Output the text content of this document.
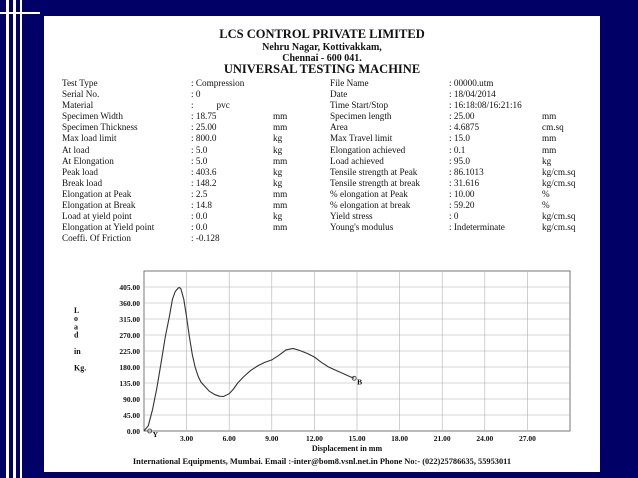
LCS CONTROL PRIVATE LIMITED
Nehru Nagar, Kottivakkam,
Chennai - 600 041.
UNIVERSAL TESTING MACHINE
Test Type	: Compression	File Name	: 00000.utm
Serial No.	: 0	Date	: 18/04/2014
Material	:          pvc	Time Start/Stop	: 16:18:08/16:21:16
Specimen Width	: 18.75	mm	Specimen length	: 25.00	mm
Specimen Thickness	: 25.00	mm	Area	: 4.6875	cm.sq
Max load limit	: 800.0	kg	Max Travel limit	: 15.0	mm
At load	: 5.0	kg	Elongation achieved	: 0.1	mm
At Elongation	: 5.0	mm	Load achieved	: 95.0	kg
Peak load	: 403.6	kg	Tensile strength at Peak	: 86.1013	kg/cm.sq
Break load	: 148.2	kg	Tensile strength at break	: 31.616	kg/cm.sq
Elongation at Peak	: 2.5	mm	% elongation at Peak	: 10.00	%
Elongation at Break	: 14.8	mm	% elongation at break	: 59.20	%
Load at yield point	: 0.0	kg	Yield stress	: 0	kg/cm.sq
Elongation at Yield point	: 0.0	mm	Young's modulus	: Indeterminate	kg/cm.sq
Coeffi. Of Friction	: -0.128
0.00
45.00
90.00
135.00
180.00
225.00
270.00
315.00
360.00
405.00
3.00	6.00	9.00	12.00	15.00	18.00	21.00	24.00	27.00
Displacement in mm
L
o
a
d
in
Kg.
Y
B
International Equipments, Mumbai. Email :-inter@bom8.vsnl.net.in Phone No:- (022)25786635, 55953011
